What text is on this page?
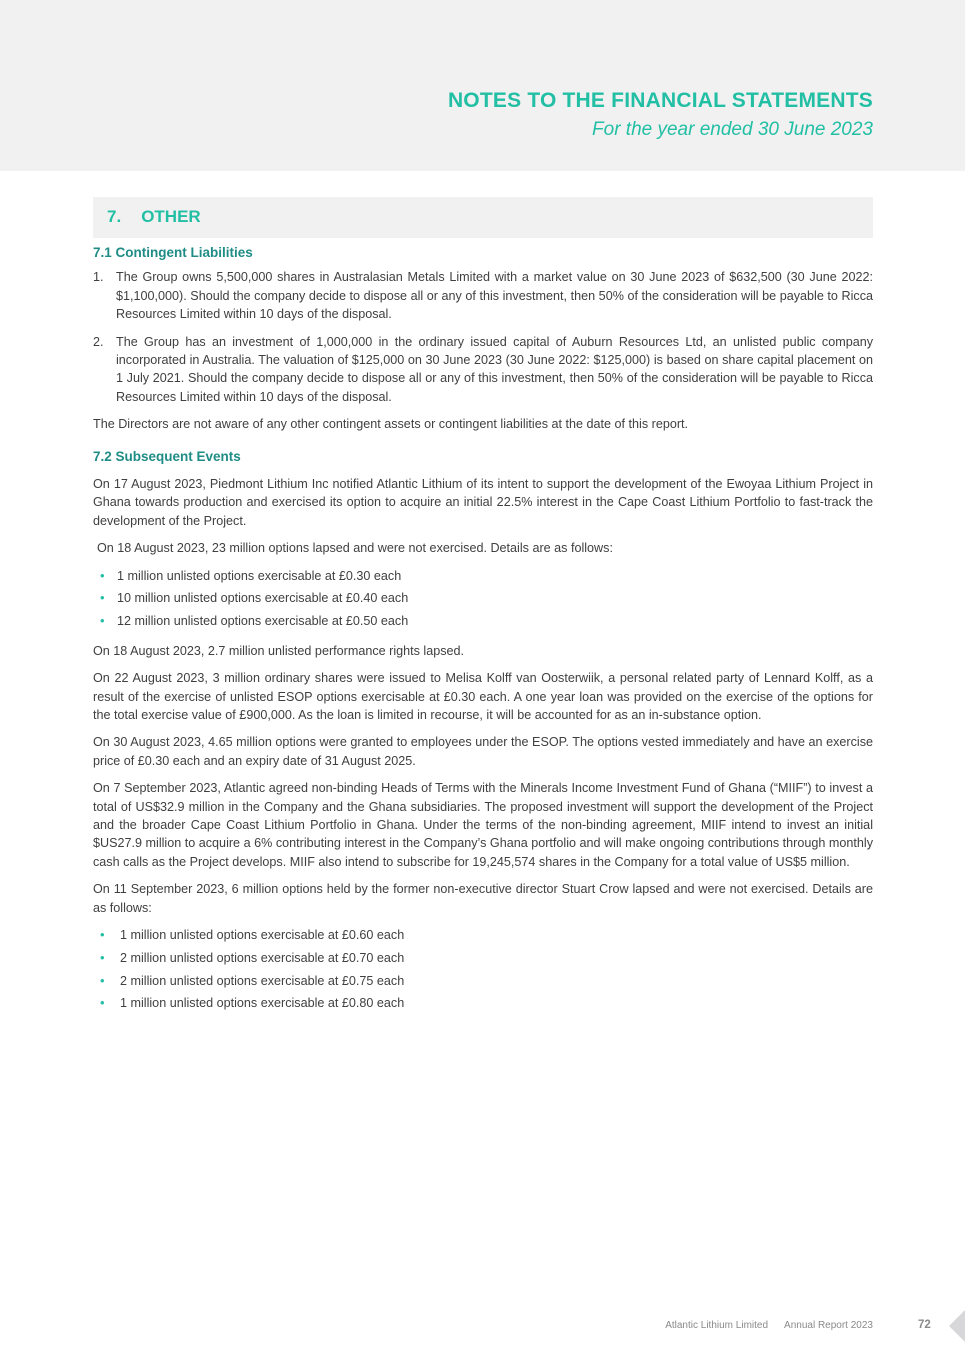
NOTES TO THE FINANCIAL STATEMENTS
For the year ended 30 June 2023
7. OTHER
7.1 Contingent Liabilities
1. The Group owns 5,500,000 shares in Australasian Metals Limited with a market value on 30 June 2023 of $632,500 (30 June 2022: $1,100,000). Should the company decide to dispose all or any of this investment, then 50% of the consideration will be payable to Ricca Resources Limited within 10 days of the disposal.
2. The Group has an investment of 1,000,000 in the ordinary issued capital of Auburn Resources Ltd, an unlisted public company incorporated in Australia. The valuation of $125,000 on 30 June 2023 (30 June 2022: $125,000) is based on share capital placement on 1 July 2021. Should the company decide to dispose all or any of this investment, then 50% of the consideration will be payable to Ricca Resources Limited within 10 days of the disposal.

The Directors are not aware of any other contingent assets or contingent liabilities at the date of this report.

7.2 Subsequent Events

On 17 August 2023, Piedmont Lithium Inc notified Atlantic Lithium of its intent to support the development of the Ewoyaa Lithium Project in Ghana towards production and exercised its option to acquire an initial 22.5% interest in the Cape Coast Lithium Portfolio to fast-track the development of the Project.

On 18 August 2023, 23 million options lapsed and were not exercised. Details are as follows:

• 1 million unlisted options exercisable at £0.30 each
• 10 million unlisted options exercisable at £0.40 each
• 12 million unlisted options exercisable at £0.50 each

On 18 August 2023, 2.7 million unlisted performance rights lapsed.

On 22 August 2023, 3 million ordinary shares were issued to Melisa Kolff van Oosterwiik, a personal related party of Lennard Kolff, as a result of the exercise of unlisted ESOP options exercisable at £0.30 each. A one year loan was provided on the exercise of the options for the total exercise value of £900,000. As the loan is limited in recourse, it will be accounted for as an in-substance option.

On 30 August 2023, 4.65 million options were granted to employees under the ESOP. The options vested immediately and have an exercise price of £0.30 each and an expiry date of 31 August 2025.

On 7 September 2023, Atlantic agreed non-binding Heads of Terms with the Minerals Income Investment Fund of Ghana (“MIIF”) to invest a total of US$32.9 million in the Company and the Ghana subsidiaries. The proposed investment will support the development of the Project and the broader Cape Coast Lithium Portfolio in Ghana. Under the terms of the non-binding agreement, MIIF intend to invest an initial $US27.9 million to acquire a 6% contributing interest in the Company’s Ghana portfolio and will make ongoing contributions through monthly cash calls as the Project develops. MIIF also intend to subscribe for 19,245,574 shares in the Company for a total value of US$5 million.

On 11 September 2023, 6 million options held by the former non-executive director Stuart Crow lapsed and were not exercised. Details are as follows:

• 1 million unlisted options exercisable at £0.60 each
• 2 million unlisted options exercisable at £0.70 each
• 2 million unlisted options exercisable at £0.75 each
• 1 million unlisted options exercisable at £0.80 each
Atlantic Lithium Limited Annual Report 2023	72
